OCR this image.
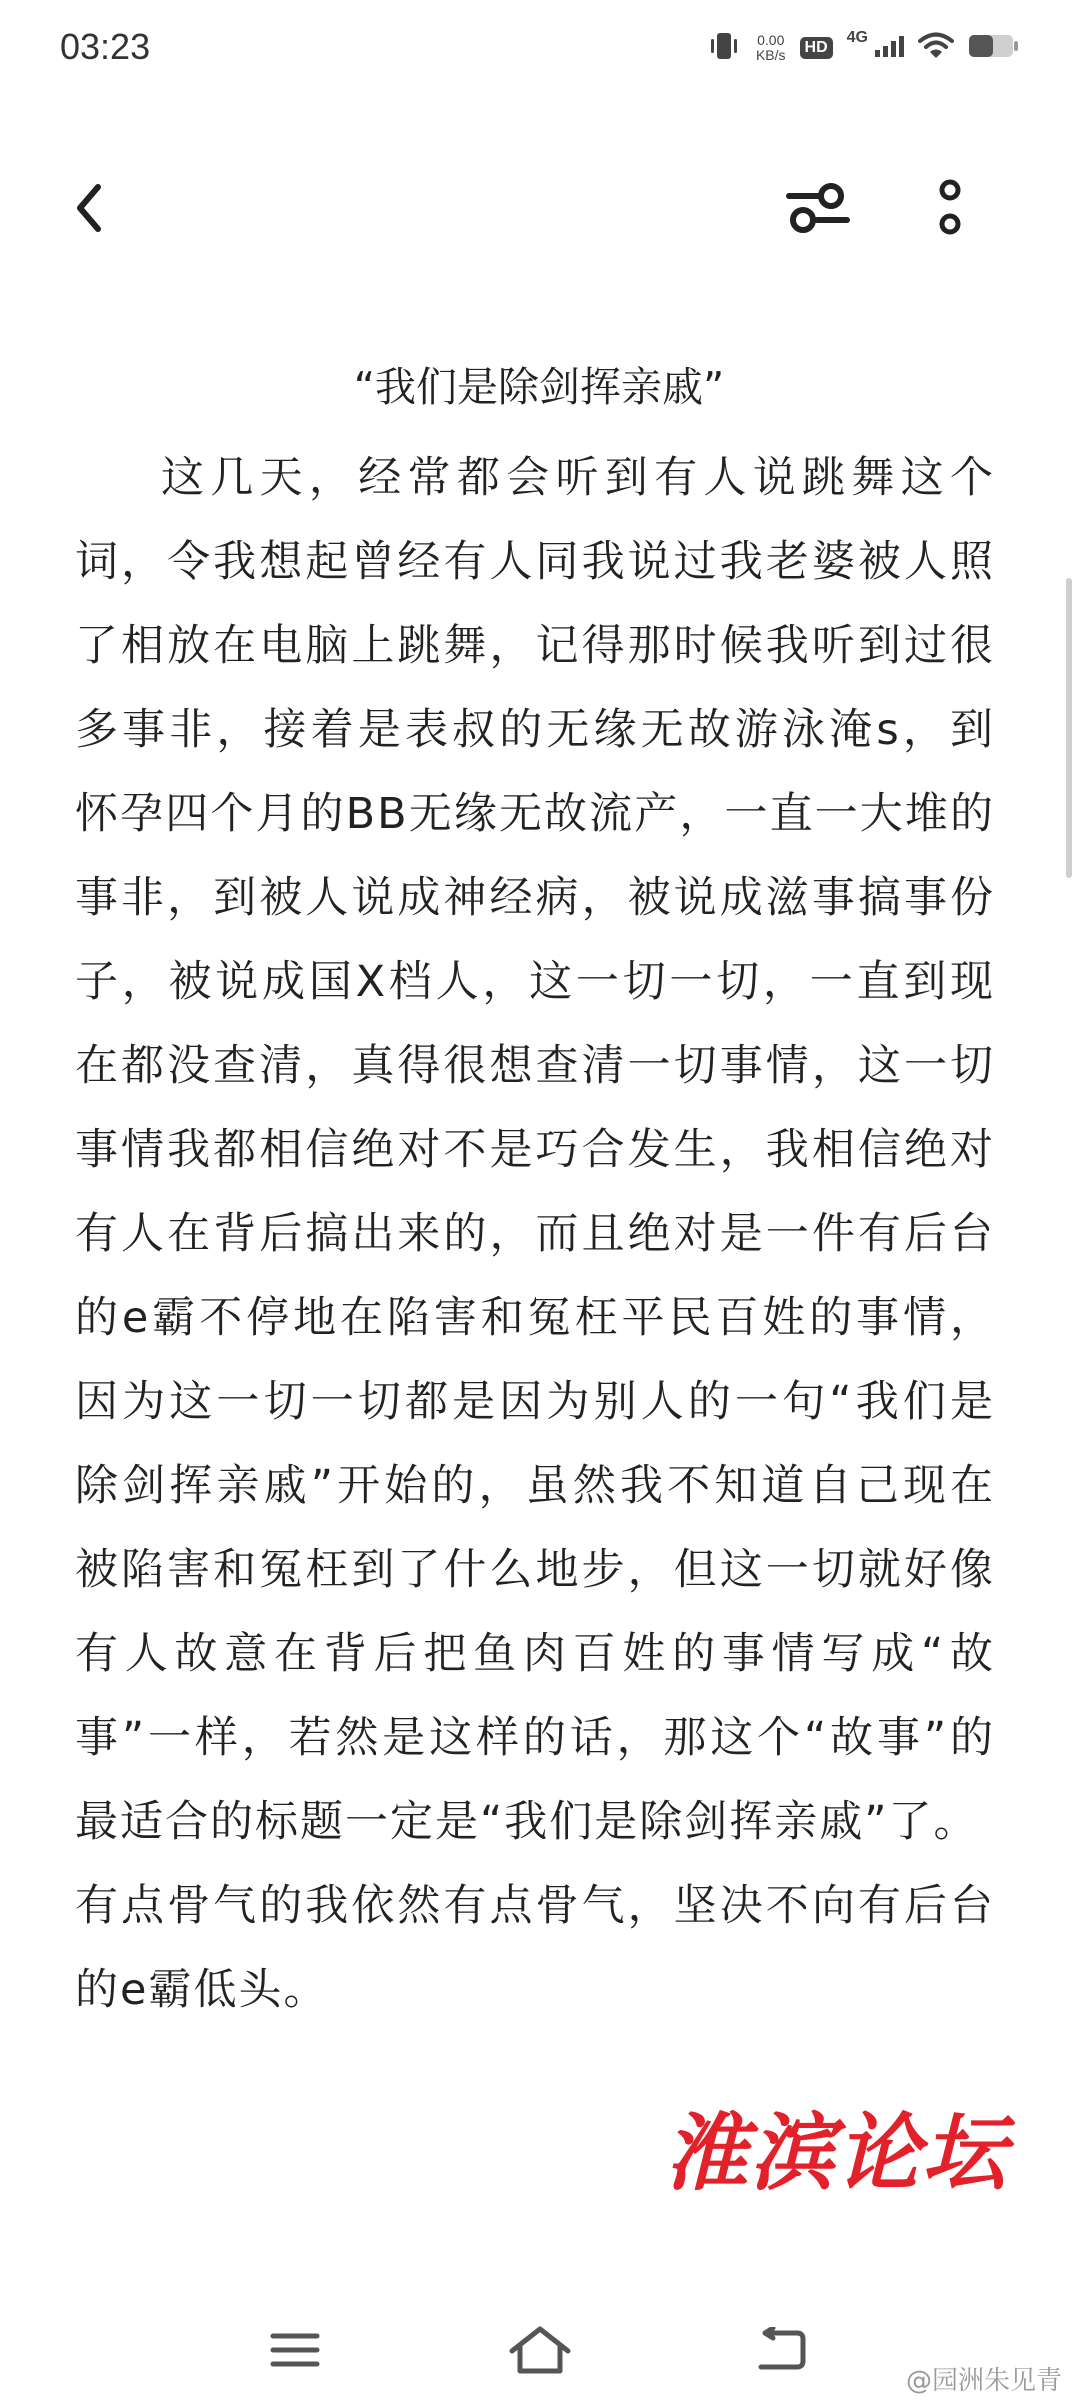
03:23	0.00
KB/s	HD
4G
“我们是除剑挥亲戚”

这几天，经常都会听到有人说跳舞这个词，令我想起曾经有人同我说过我老婆被人照了相放在电脑上跳舞，记得那时候我听到过很多事非，接着是表叔的无缘无故游泳淹s，到怀孕四个月的BB无缘无故流产，一直一大堆的事非，到被人说成神经病，被说成滋事搞事份子，被说成国X档人，这一切一切，一直到现在都没查清，真得很想查清一切事情，这一切事情我都相信绝对不是巧合发生，我相信绝对有人在背后搞出来的，而且绝对是一件有后台的e霸不停地在陷害和冤枉平民百姓的事情，因为这一切一切都是因为别人的一句“我们是除剑挥亲戚”开始的，虽然我不知道自己现在被陷害和冤枉到了什么地步，但这一切就好像有人故意在背后把鱼肉百姓的事情写成“故事”一样，若然是这样的话，那这个“故事”的最适合的标题一定是“我们是除剑挥亲戚”了。

有点骨气的我依然有点骨气，坚决不向有后台的e霸低头。

淮滨论坛
@园洲朱见青
